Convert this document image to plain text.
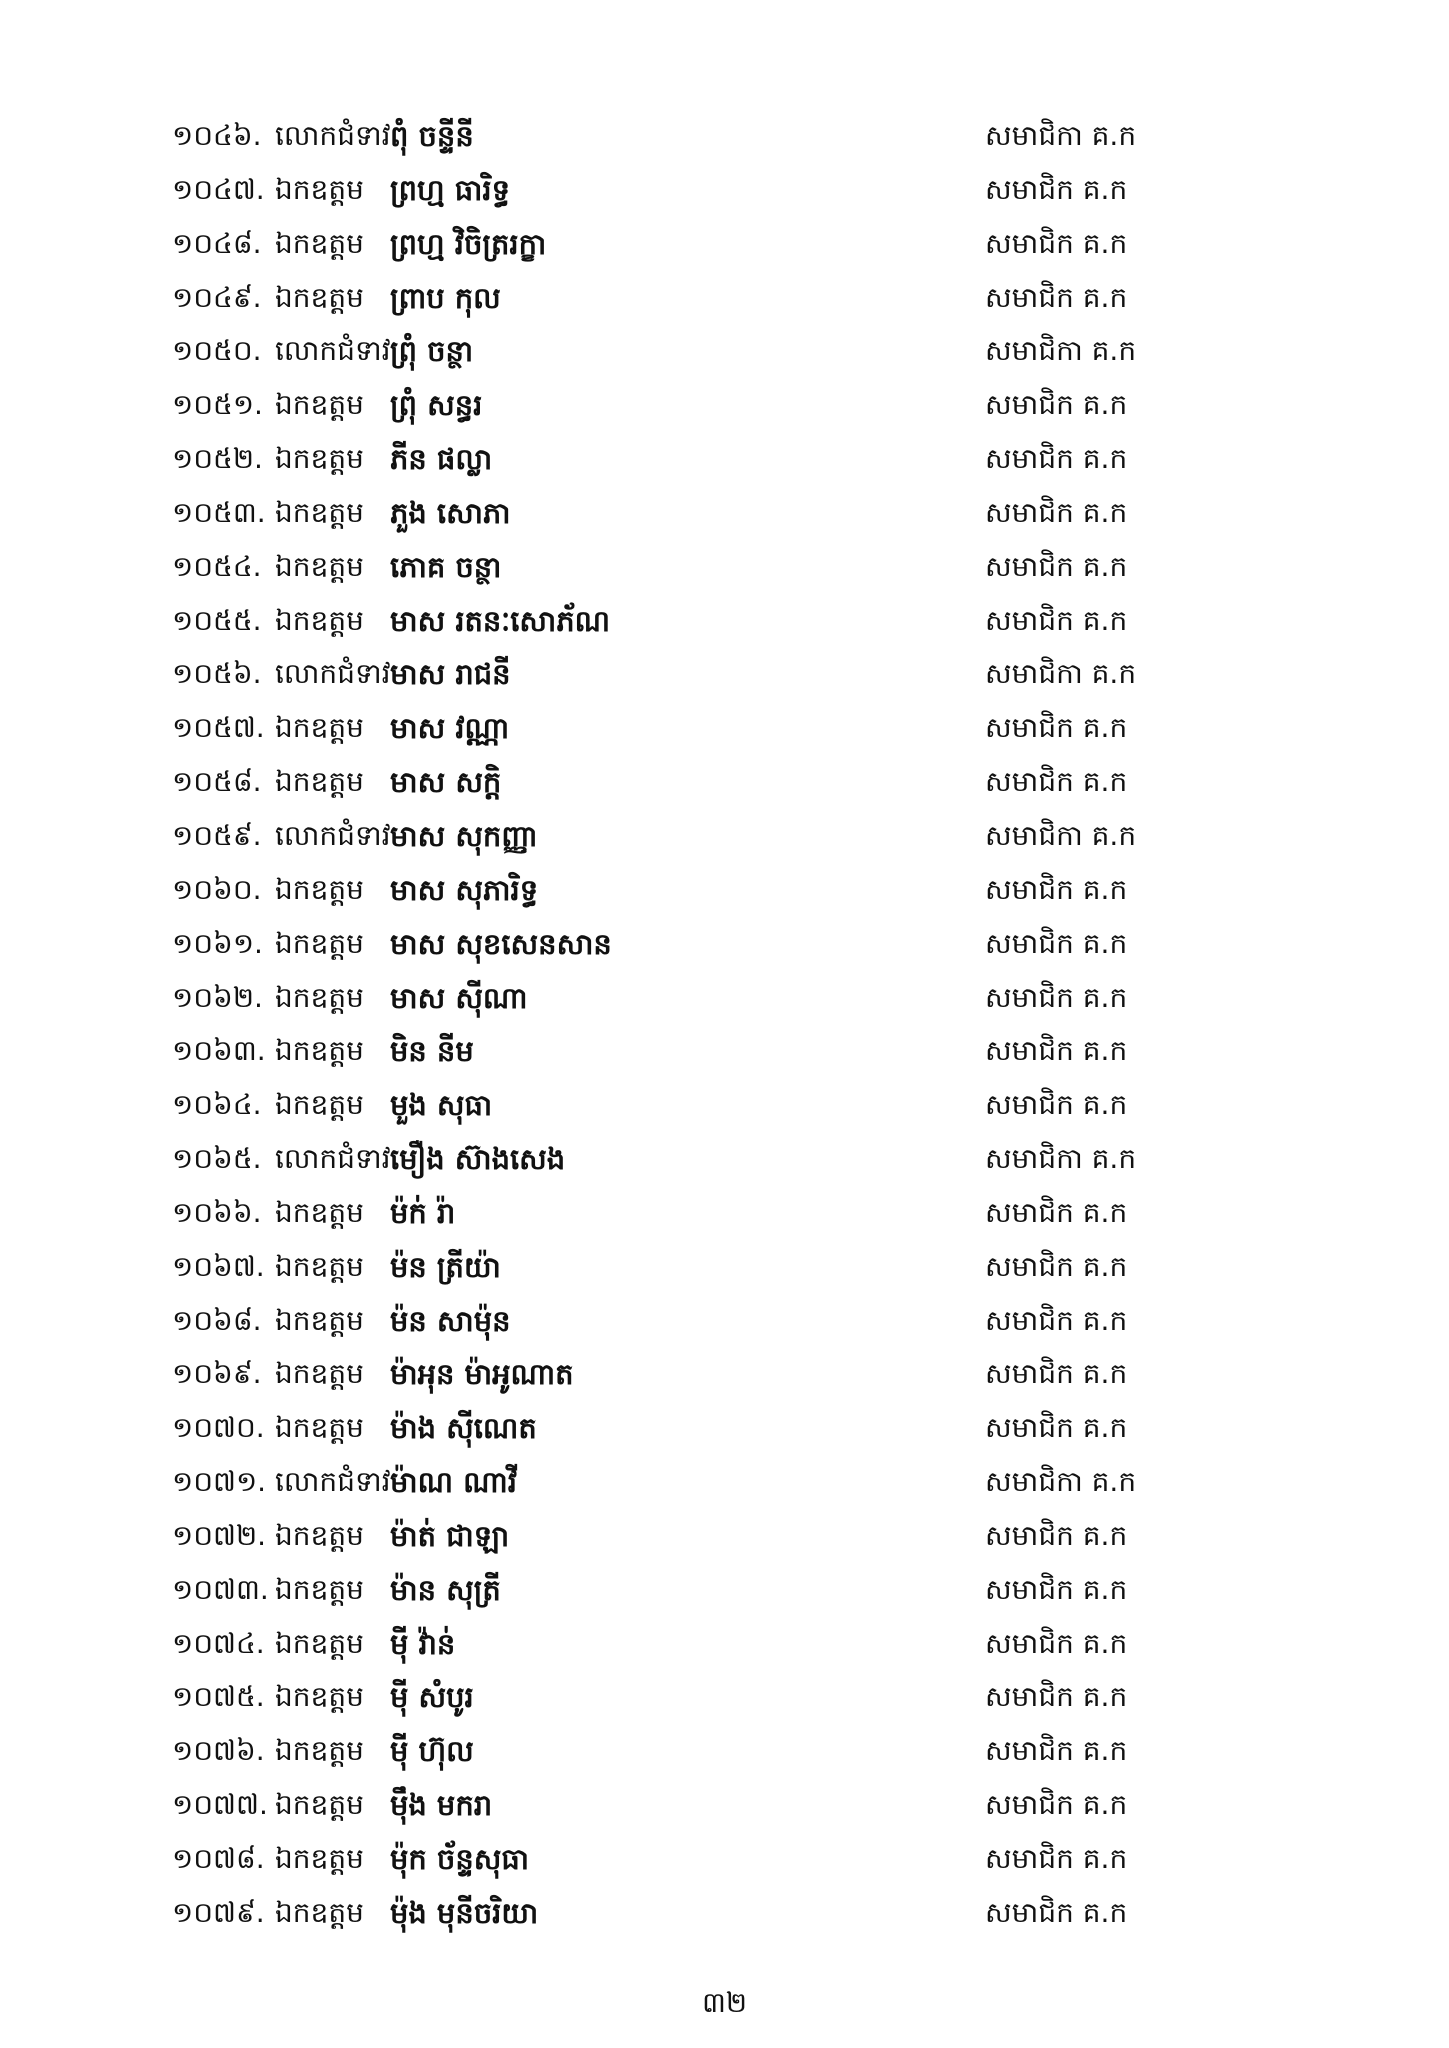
១០៤៦. លោកជំទាវ ពុំ ចន្ទីនី	សមាជិកា គ.ក
១០៤៧. ឯកឧត្តម ព្រហ្ម ធារិទ្ធ	សមាជិក គ.ក
១០៤៨. ឯកឧត្តម ព្រហ្ម វិចិត្ររក្ខា	សមាជិក គ.ក
១០៤៩. ឯកឧត្តម ព្រាប កុល	សមាជិក គ.ក
១០៥០. លោកជំទាវ ព្រុំ ចន្ថា	សមាជិកា គ.ក
១០៥១. ឯកឧត្តម ព្រុំ សន្ធរ	សមាជិក គ.ក
១០៥២. ឯកឧត្តម ភីន ផល្លា	សមាជិក គ.ក
១០៥៣. ឯកឧត្តម ភួង សោភា	សមាជិក គ.ក
១០៥៤. ឯកឧត្តម ភោគ ចន្ថា	សមាជិក គ.ក
១០៥៥. ឯកឧត្តម មាស រតនៈសោភ័ណ	សមាជិក គ.ក
១០៥៦. លោកជំទាវ មាស រាជនី	សមាជិកា គ.ក
១០៥៧. ឯកឧត្តម មាស វណ្ណា	សមាជិក គ.ក
១០៥៨. ឯកឧត្តម មាស សក្តិ	សមាជិក គ.ក
១០៥៩. លោកជំទាវ មាស សុកញ្ញា	សមាជិកា គ.ក
១០៦០. ឯកឧត្តម មាស សុភារិទ្ធ	សមាជិក គ.ក
១០៦១. ឯកឧត្តម មាស សុខសេនសាន	សមាជិក គ.ក
១០៦២. ឯកឧត្តម មាស ស៊ីណា	សមាជិក គ.ក
១០៦៣. ឯកឧត្តម មិន នីម	សមាជិក គ.ក
១០៦៤. ឯកឧត្តម មួង សុធា	សមាជិក គ.ក
១០៦៥. លោកជំទាវ មឿង ស៊ាងសេង	សមាជិកា គ.ក
១០៦៦. ឯកឧត្តម ម៉ក់ រ៉ា	សមាជិក គ.ក
១០៦៧. ឯកឧត្តម ម៉ន ត្រីយ៉ា	សមាជិក គ.ក
១០៦៨. ឯកឧត្តម ម៉ន សាម៉ុន	សមាជិក គ.ក
១០៦៩. ឯកឧត្តម ម៉ាអុន ម៉ាអូណាត	សមាជិក គ.ក
១០៧០. ឯកឧត្តម ម៉ាង ស៊ីណេត	សមាជិក គ.ក
១០៧១. លោកជំទាវ ម៉ាណ ណាវី	សមាជិកា គ.ក
១០៧២. ឯកឧត្តម ម៉ាត់ ជាឡា	សមាជិក គ.ក
១០៧៣. ឯកឧត្តម ម៉ាន សុត្រី	សមាជិក គ.ក
១០៧៤. ឯកឧត្តម ម៉ី វ៉ាន់	សមាជិក គ.ក
១០៧៥. ឯកឧត្តម ម៉ី សំបូរ	សមាជិក គ.ក
១០៧៦. ឯកឧត្តម ម៉ី ហ៊ុល	សមាជិក គ.ក
១០៧៧. ឯកឧត្តម ម៉ឹង មករា	សមាជិក គ.ក
១០៧៨. ឯកឧត្តម ម៉ុក ច័ន្ទសុធា	សមាជិក គ.ក
១០៧៩. ឯកឧត្តម ម៉ុង មុនីចរិយា	សមាជិក គ.ក
៣២
